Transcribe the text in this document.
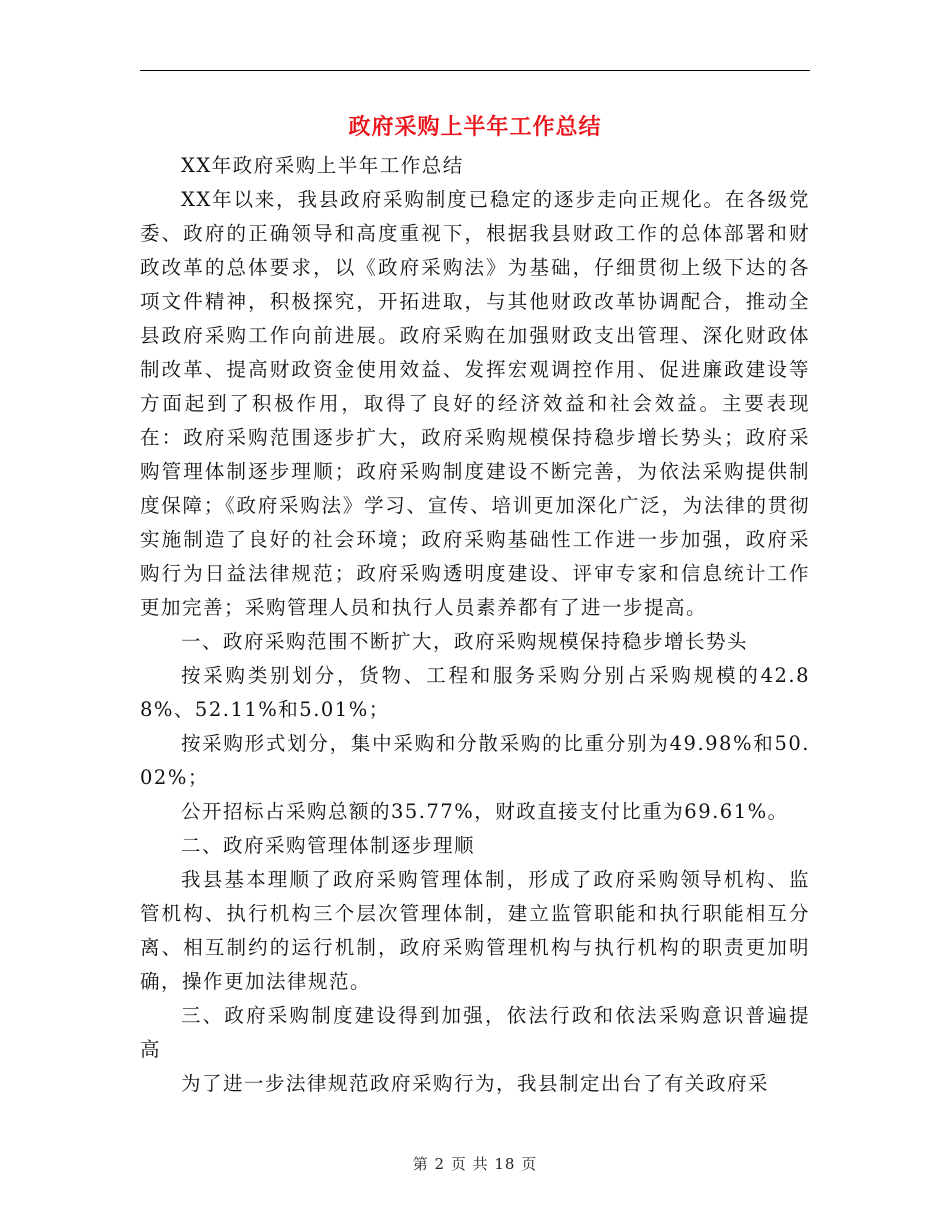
政府采购上半年工作总结

XX年政府采购上半年工作总结

XX年以来，我县政府采购制度已稳定的逐步走向正规化。在各级党委、政府的正确领导和高度重视下，根据我县财政工作的总体部署和财政改革的总体要求，以《政府采购法》为基础，仔细贯彻上级下达的各项文件精神，积极探究，开拓进取，与其他财政改革协调配合，推动全县政府采购工作向前进展。政府采购在加强财政支出管理、深化财政体制改革、提高财政资金使用效益、发挥宏观调控作用、促进廉政建设等方面起到了积极作用，取得了良好的经济效益和社会效益。主要表现在：政府采购范围逐步扩大，政府采购规模保持稳步增长势头；政府采购管理体制逐步理顺；政府采购制度建设不断完善，为依法采购提供制度保障；《政府采购法》学习、宣传、培训更加深化广泛，为法律的贯彻实施制造了良好的社会环境；政府采购基础性工作进一步加强，政府采购行为日益法律规范；政府采购透明度建设、评审专家和信息统计工作更加完善；采购管理人员和执行人员素养都有了进一步提高。

一、政府采购范围不断扩大，政府采购规模保持稳步增长势头

按采购类别划分，货物、工程和服务采购分别占采购规模的42.88%、52.11%和5.01%；

按采购形式划分，集中采购和分散采购的比重分别为49.98%和50.02%；

公开招标占采购总额的35.77%，财政直接支付比重为69.61%。

二、政府采购管理体制逐步理顺

我县基本理顺了政府采购管理体制，形成了政府采购领导机构、监管机构、执行机构三个层次管理体制，建立监管职能和执行职能相互分离、相互制约的运行机制，政府采购管理机构与执行机构的职责更加明确，操作更加法律规范。

三、政府采购制度建设得到加强，依法行政和依法采购意识普遍提高

为了进一步法律规范政府采购行为，我县制定出台了有关政府采

第 2 页 共 18 页
